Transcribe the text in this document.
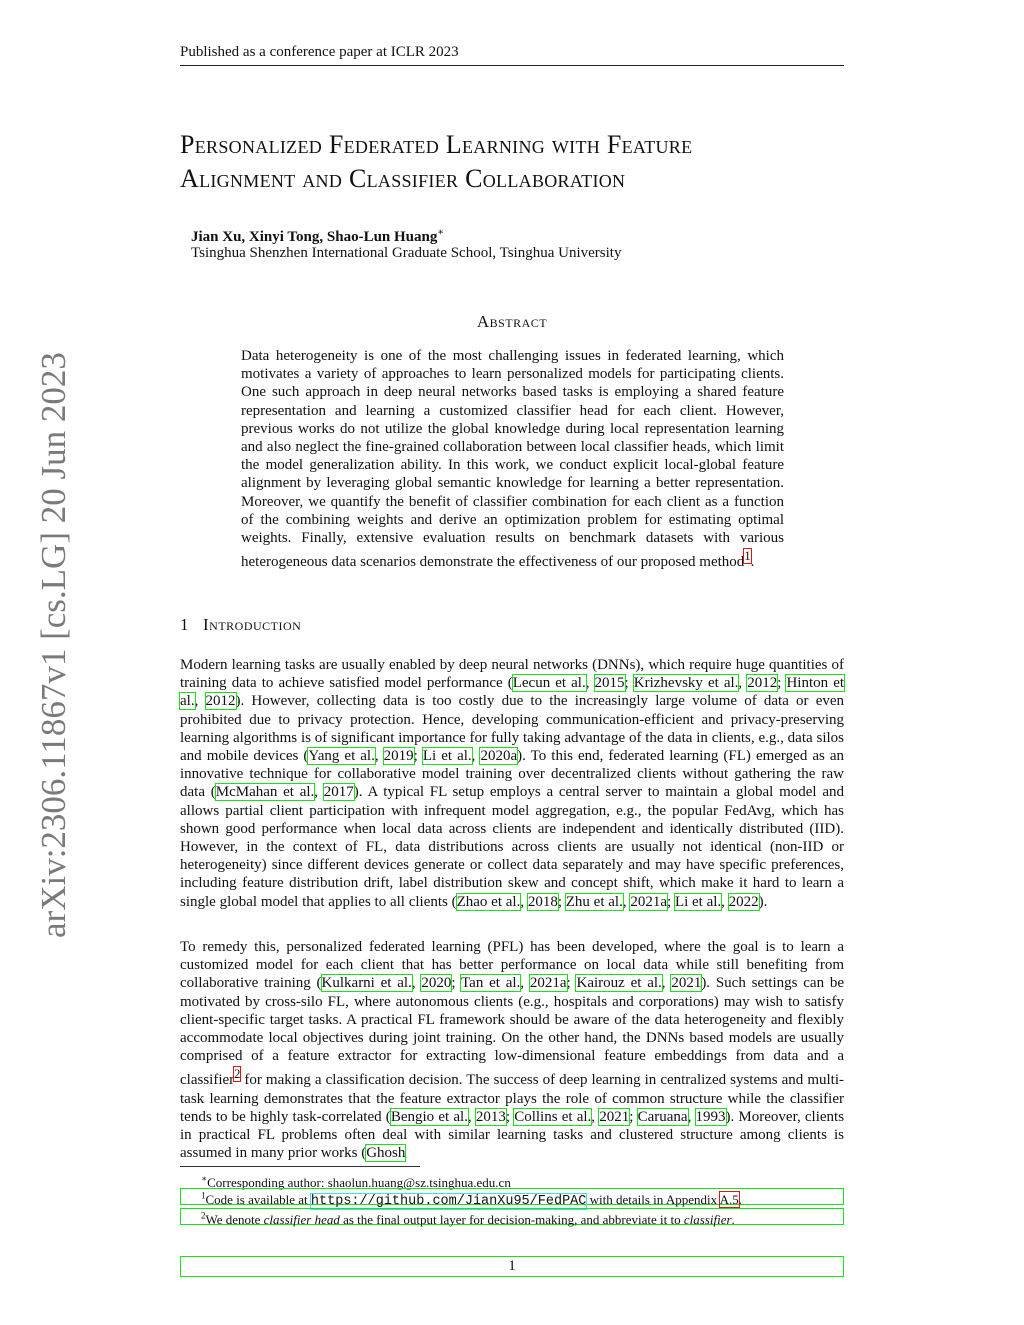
Published as a conference paper at ICLR 2023
arXiv:2306.11867v1 [cs.LG] 20 Jun 2023
Personalized Federated Learning with Feature
Alignment and Classifier Collaboration
Jian Xu, Xinyi Tong, Shao-Lun Huang∗
Tsinghua Shenzhen International Graduate School, Tsinghua University
Abstract
Data heterogeneity is one of the most challenging issues in federated learning, which motivates a variety of approaches to learn personalized models for participating clients. One such approach in deep neural networks based tasks is employing a shared feature representation and learning a customized classifier head for each client. However, previous works do not utilize the global knowledge during local representation learning and also neglect the fine-grained collaboration between local classifier heads, which limit the model generalization ability. In this work, we conduct explicit local-global feature alignment by leveraging global semantic knowledge for learning a better representation. Moreover, we quantify the benefit of classifier combination for each client as a function of the combining weights and derive an optimization problem for estimating optimal weights. Finally, extensive evaluation results on benchmark datasets with various heterogeneous data scenarios demonstrate the effectiveness of our proposed method$^1$.
1 Introduction
Modern learning tasks are usually enabled by deep neural networks (DNNs), which require huge quantities of training data to achieve satisfied model performance (Lecun et al., 2015; Krizhevsky et al., 2012; Hinton et al., 2012). However, collecting data is too costly due to the increasingly large volume of data or even prohibited due to privacy protection. Hence, developing communication-efficient and privacy-preserving learning algorithms is of significant importance for fully taking advantage of the data in clients, e.g., data silos and mobile devices (Yang et al., 2019; Li et al., 2020a). To this end, federated learning (FL) emerged as an innovative technique for collaborative model training over decentralized clients without gathering the raw data (McMahan et al., 2017). A typical FL setup employs a central server to maintain a global model and allows partial client participation with infrequent model aggregation, e.g., the popular FedAvg, which has shown good performance when local data across clients are independent and identically distributed (IID). However, in the context of FL, data distributions across clients are usually not identical (non-IID or heterogeneity) since different devices generate or collect data separately and may have specific preferences, including feature distribution drift, label distribution skew and concept shift, which make it hard to learn a single global model that applies to all clients (Zhao et al., 2018; Zhu et al., 2021a; Li et al., 2022).
To remedy this, personalized federated learning (PFL) has been developed, where the goal is to learn a customized model for each client that has better performance on local data while still benefiting from collaborative training (Kulkarni et al., 2020; Tan et al., 2021a; Kairouz et al., 2021). Such settings can be motivated by cross-silo FL, where autonomous clients (e.g., hospitals and corporations) may wish to satisfy client-specific target tasks. A practical FL framework should be aware of the data heterogeneity and flexibly accommodate local objectives during joint training. On the other hand, the DNNs based models are usually comprised of a feature extractor for extracting low-dimensional feature embeddings from data and a classifier$^2$ for making a classification decision. The success of deep learning in centralized systems and multi-task learning demonstrates that the feature extractor plays the role of common structure while the classifier tends to be highly task-correlated (Bengio et al., 2013; Collins et al., 2021; Caruana, 1993). Moreover, clients in practical FL problems often deal with similar learning tasks and clustered structure among clients is assumed in many prior works (Ghosh
∗Corresponding author: shaolun.huang@sz.tsinghua.edu.cn
$^1$Code is available at https://github.com/JianXu95/FedPAC with details in Appendix A.5.
$^2$We denote classifier head as the final output layer for decision-making, and abbreviate it to classifier.
1
